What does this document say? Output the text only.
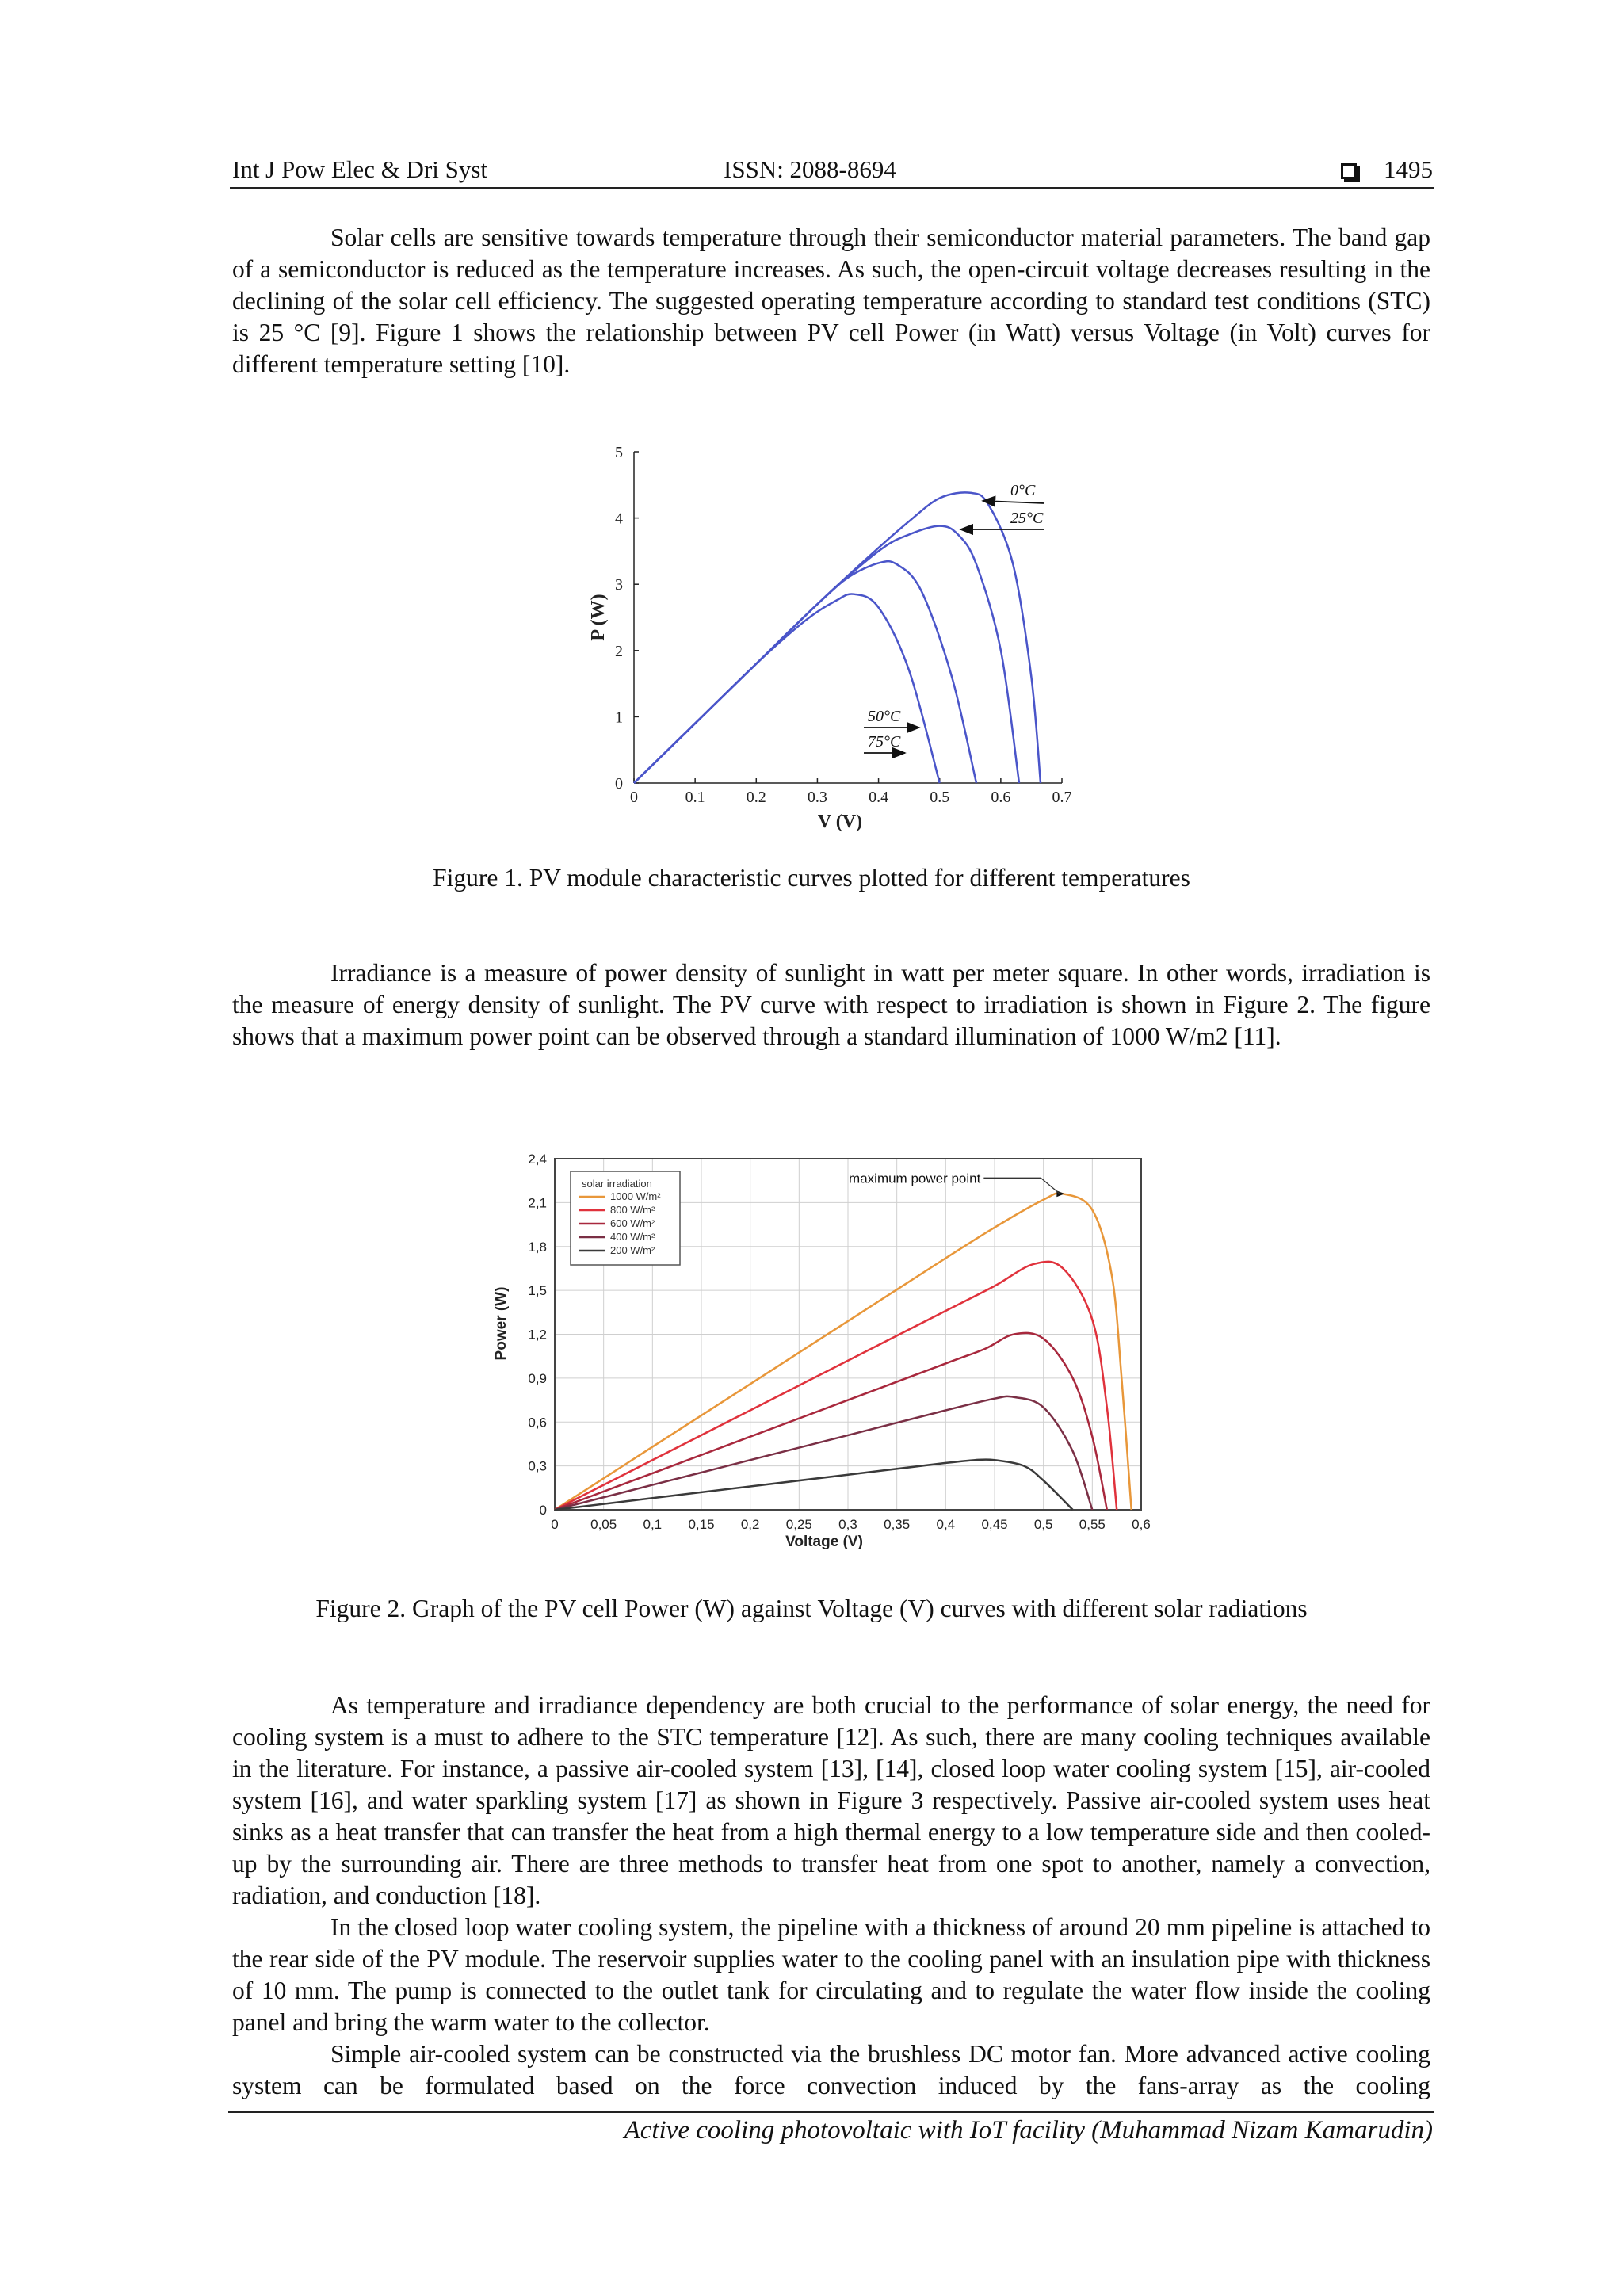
Int J Pow Elec & Dri Syst	ISSN: 2088-8694	1495

Solar cells are sensitive towards temperature through their semiconductor material parameters. The band gap of a semiconductor is reduced as the temperature increases. As such, the open-circuit voltage decreases resulting in the declining of the solar cell efficiency. The suggested operating temperature according to standard test conditions (STC) is 25 °C [9]. Figure 1 shows the relationship between PV cell Power (in Watt) versus Voltage (in Volt) curves for different temperature setting [10].

0	0.1	0.2	0.3	0.4	0.5	0.6	0.7
0
1
2
3
4
5
V (V)
P (W)
0°C
25°C
50°C
75°C
Figure 1. PV module characteristic curves plotted for different temperatures

Irradiance is a measure of power density of sunlight in watt per meter square. In other words, irradiation is the measure of energy density of sunlight. The PV curve with respect to irradiation is shown in Figure 2. The figure shows that a maximum power point can be observed through a standard illumination of 1000 W/m2 [11].

0 0,05 0,1 0,15 0,2 0,25 0,3 0,35 0,4 0,45 0,5 0,55 0,6
0
0,3
0,6
0,9
1,2
1,5
1,8
2,1
2,4
Voltage (V)
Power (W)
maximum power point
solar irradiation
1000 W/m²
800 W/m²
600 W/m²
400 W/m²
200 W/m²
Figure 2. Graph of the PV cell Power (W) against Voltage (V) curves with different solar radiations

As temperature and irradiance dependency are both crucial to the performance of solar energy, the need for cooling system is a must to adhere to the STC temperature [12]. As such, there are many cooling techniques available in the literature. For instance, a passive air-cooled system [13], [14], closed loop water cooling system [15], air-cooled system [16], and water sparkling system [17] as shown in Figure 3 respectively. Passive air-cooled system uses heat sinks as a heat transfer that can transfer the heat from a high thermal energy to a low temperature side and then cooled-up by the surrounding air. There are three methods to transfer heat from one spot to another, namely a convection, radiation, and conduction [18].

In the closed loop water cooling system, the pipeline with a thickness of around 20 mm pipeline is attached to the rear side of the PV module. The reservoir supplies water to the cooling panel with an insulation pipe with thickness of 10 mm. The pump is connected to the outlet tank for circulating and to regulate the water flow inside the cooling panel and bring the warm water to the collector.

Simple air-cooled system can be constructed via the brushless DC motor fan. More advanced active cooling system can be formulated based on the force convection induced by the fans-array as the cooling

Active cooling photovoltaic with IoT facility (Muhammad Nizam Kamarudin)
